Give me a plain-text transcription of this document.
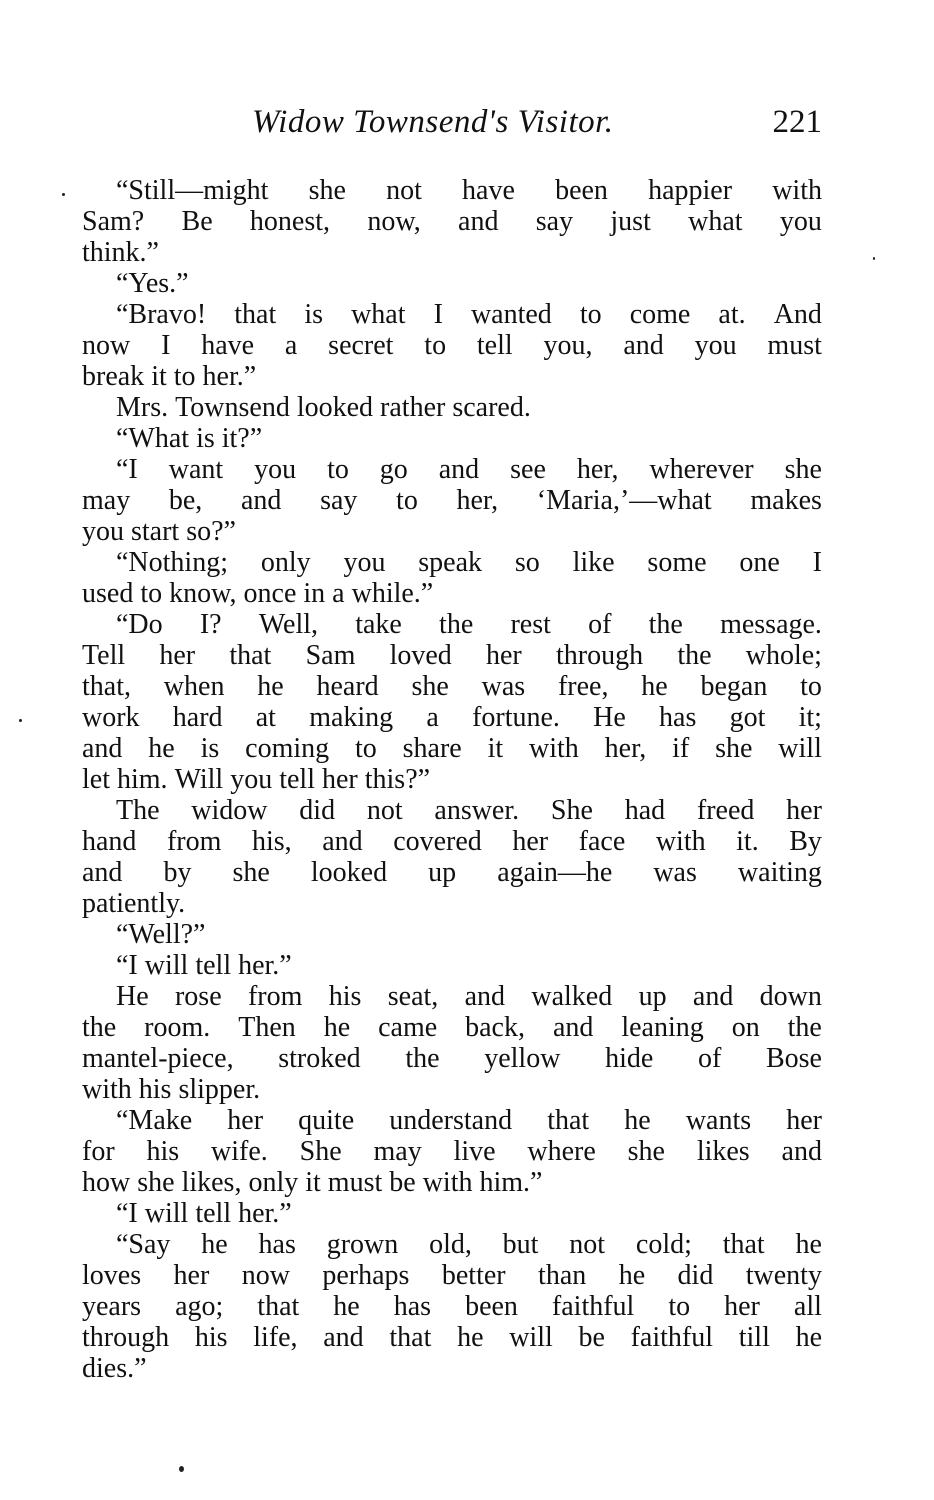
Widow Townsend's Visitor.	221
“Still—might she not have been happier with
Sam? Be honest, now, and say just what you
think.”
“Yes.”
“Bravo! that is what I wanted to come at. And
now I have a secret to tell you, and you must
break it to her.”
Mrs. Townsend looked rather scared.
“What is it?”
“I want you to go and see her, wherever she
may be, and say to her, ‘Maria,’—what makes
you start so?”
“Nothing; only you speak so like some one I
used to know, once in a while.”
“Do I? Well, take the rest of the message.
Tell her that Sam loved her through the whole;
that, when he heard she was free, he began to
work hard at making a fortune. He has got it;
and he is coming to share it with her, if she will
let him. Will you tell her this?”
The widow did not answer. She had freed her
hand from his, and covered her face with it. By
and by she looked up again—he was waiting
patiently.
“Well?”
“I will tell her.”
He rose from his seat, and walked up and down
the room. Then he came back, and leaning on the
mantel-piece, stroked the yellow hide of Bose
with his slipper.
“Make her quite understand that he wants her
for his wife. She may live where she likes and
how she likes, only it must be with him.”
“I will tell her.”
“Say he has grown old, but not cold; that he
loves her now perhaps better than he did twenty
years ago; that he has been faithful to her all
through his life, and that he will be faithful till he
dies.”
